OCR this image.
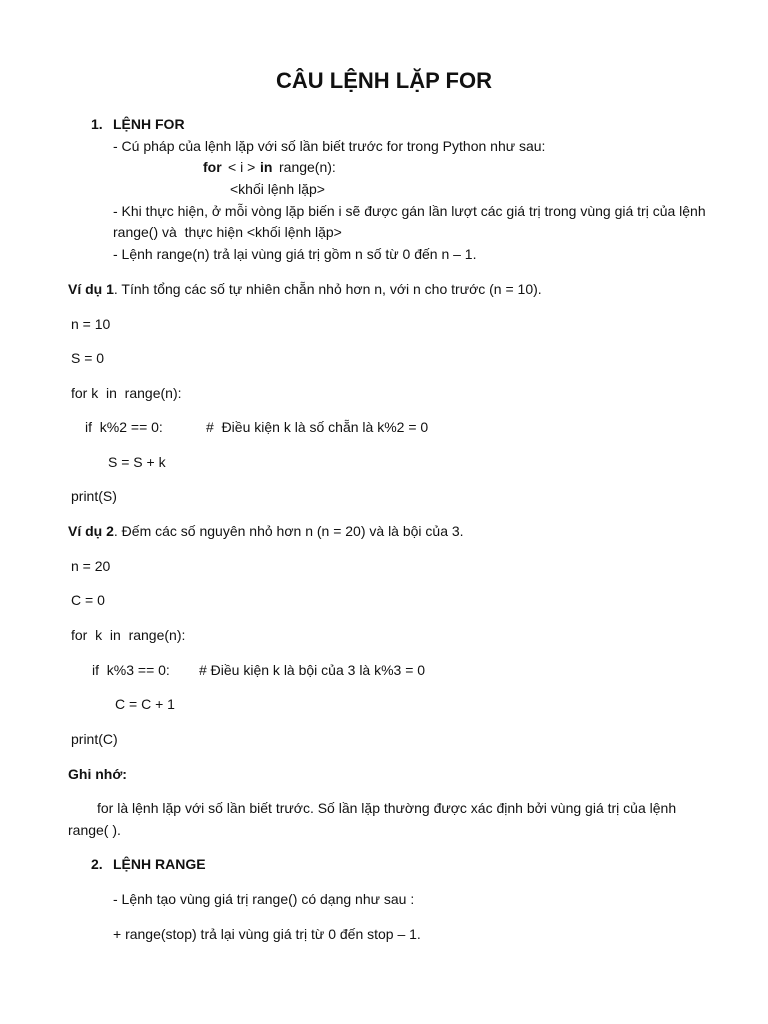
CÂU LỆNH LẶP FOR
1. LỆNH FOR
- Cú pháp của lệnh lặp với số lần biết trước for trong Python như sau:
for < i > in range(n):
<khối lệnh lặp>
- Khi thực hiện, ở mỗi vòng lặp biến i sẽ được gán lần lượt các giá trị trong vùng giá trị của lệnh
range() và  thực hiện <khối lệnh lặp>
- Lệnh range(n) trả lại vùng giá trị gồm n số từ 0 đến n – 1.
Ví dụ 1. Tính tổng các số tự nhiên chẵn nhỏ hơn n, với n cho trước (n = 10).
n = 10
S = 0
for k  in  range(n):
if  k%2 == 0:	#  Điều kiện k là số chẵn là k%2 = 0
S = S + k
print(S)
Ví dụ 2. Đếm các số nguyên nhỏ hơn n (n = 20) và là bội của 3.
n = 20
C = 0
for  k  in  range(n):
if  k%3 == 0: # Điều kiện k là bội của 3 là k%3 = 0
C = C + 1
print(C)
Ghi nhớ:
for là lệnh lặp với số lần biết trước. Số lần lặp thường được xác định bởi vùng giá trị của lệnh
range( ).
2. LỆNH RANGE
- Lệnh tạo vùng giá trị range() có dạng như sau :
+ range(stop) trả lại vùng giá trị từ 0 đến stop – 1.
